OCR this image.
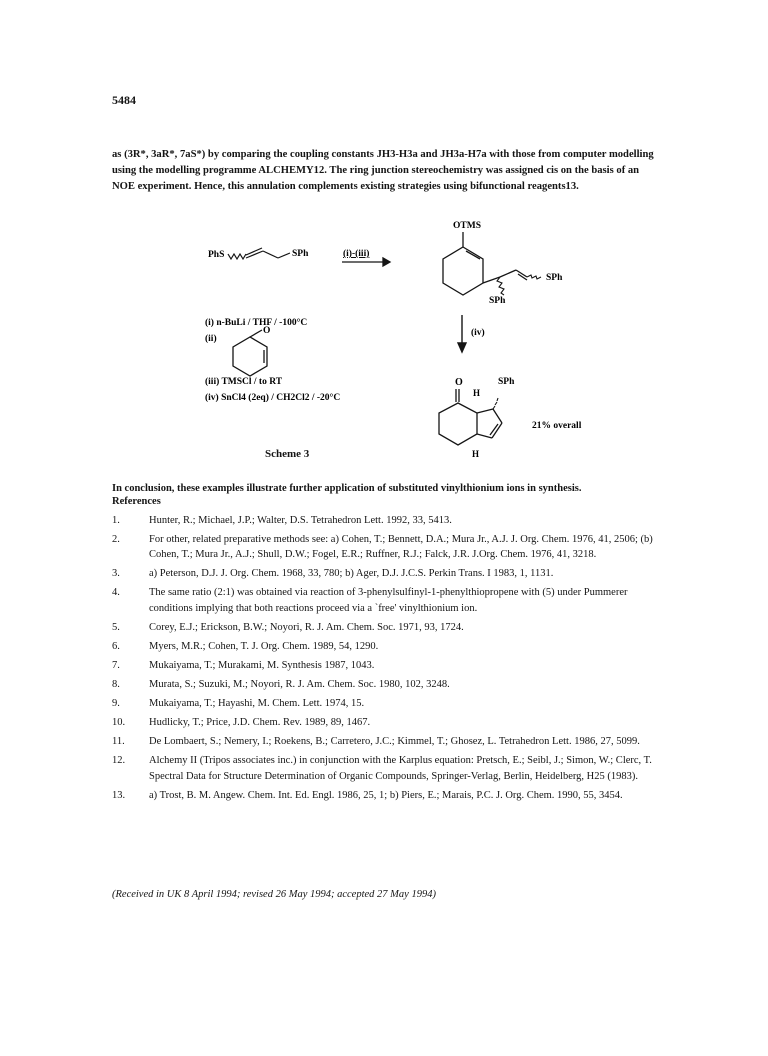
5484

as (3R*, 3aR*, 7aS*) by comparing the coupling constants JH3-H3a and JH3a-H7a with those from computer modelling using the modelling programme ALCHEMY12. The ring junction stereochemistry was assigned cis on the basis of an NOE experiment. Hence, this annulation complements existing strategies using bifunctional reagents13.

PhS	SPh	(i)-(iii)
OTMS
SPh
SPh
(i) n-BuLi / THF / -100°C
(ii)
O
(iii) TMSCl / to RT
(iv) SnCl4 (2eq) / CH2Cl2 / -20°C
(iv)
O
H
SPh
H
21% overall
Scheme 3
In conclusion, these examples illustrate further application of substituted vinylthionium ions in synthesis.
References
1.	Hunter, R.; Michael, J.P.; Walter, D.S. Tetrahedron Lett. 1992, 33, 5413.
2.	For other, related preparative methods see: a) Cohen, T.; Bennett, D.A.; Mura Jr., A.J. J. Org. Chem. 1976, 41, 2506; (b) Cohen, T.; Mura Jr., A.J.; Shull, D.W.; Fogel, E.R.; Ruffner, R.J.; Falck, J.R. J.Org. Chem. 1976, 41, 3218.
3.	a) Peterson, D.J. J. Org. Chem. 1968, 33, 780; b) Ager, D.J. J.C.S. Perkin Trans. I 1983, 1, 1131.
4.	The same ratio (2:1) was obtained via reaction of 3-phenylsulfinyl-1-phenylthiopropene with (5) under Pummerer conditions implying that both reactions proceed via a `free' vinylthionium ion.
5.	Corey, E.J.; Erickson, B.W.; Noyori, R. J. Am. Chem. Soc. 1971, 93, 1724.
6.	Myers, M.R.; Cohen, T. J. Org. Chem. 1989, 54, 1290.
7.	Mukaiyama, T.; Murakami, M. Synthesis 1987, 1043.
8.	Murata, S.; Suzuki, M.; Noyori, R. J. Am. Chem. Soc. 1980, 102, 3248.
9.	Mukaiyama, T.; Hayashi, M. Chem. Lett. 1974, 15.
10.	Hudlicky, T.; Price, J.D. Chem. Rev. 1989, 89, 1467.
11.	De Lombaert, S.; Nemery, I.; Roekens, B.; Carretero, J.C.; Kimmel, T.; Ghosez, L. Tetrahedron Lett. 1986, 27, 5099.
12.	Alchemy II (Tripos associates inc.) in conjunction with the Karplus equation: Pretsch, E.; Seibl, J.; Simon, W.; Clerc, T. Spectral Data for Structure Determination of Organic Compounds, Springer-Verlag, Berlin, Heidelberg, H25 (1983).
13.	a) Trost, B. M. Angew. Chem. Int. Ed. Engl. 1986, 25, 1; b) Piers, E.; Marais, P.C. J. Org. Chem. 1990, 55, 3454.
(Received in UK 8 April 1994; revised 26 May 1994; accepted 27 May 1994)
